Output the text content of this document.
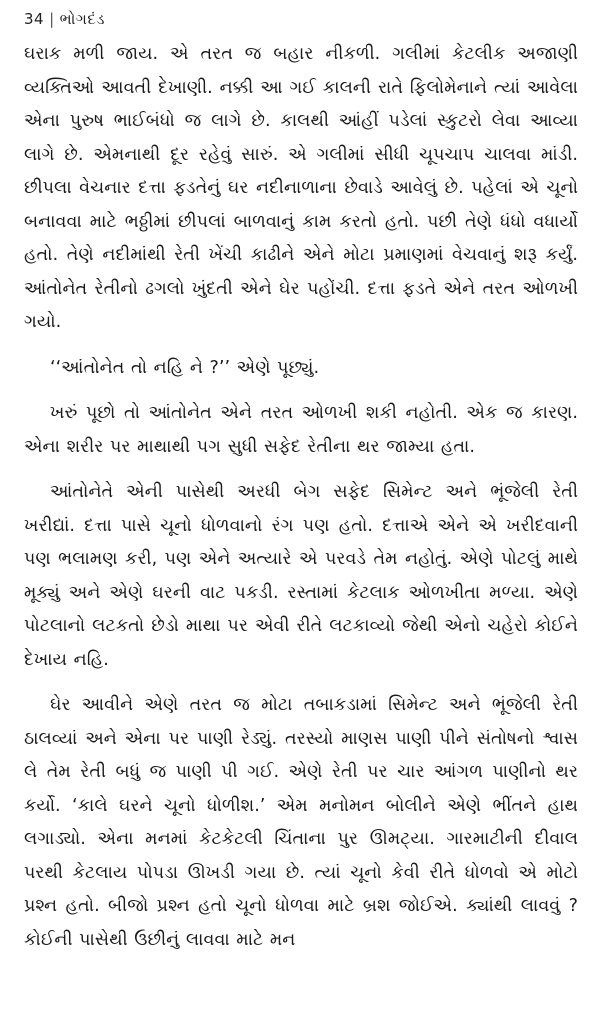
34 | ભોગદંડ

ઘરાક મળી જાય. એ તરત જ બહાર નીકળી. ગલીમાં કેટલીક અજાણી વ્યક્તિઓ આવતી દેખાણી. નક્કી આ ગઈ કાલની રાતે ફિલોમેનાને ત્યાં આવેલા એના પુરુષ ભાઈબંધો જ લાગે છે. કાલથી આંહીં પડેલાં સ્કુટરો લેવા આવ્યા લાગે છે. એમનાથી દૂર રહેવું સારું. એ ગલીમાં સીધી ચૂપચાપ ચાલવા માંડી. છીપલા વેચનાર દત્તા ફડતેનું ઘર નદીનાળાના છેવાડે આવેલું છે. પહેલાં એ ચૂનો બનાવવા માટે ભઠ્ઠીમાં છીપલાં બાળવાનું કામ કરતો હતો. પછી તેણે ધંધો વધાર્યો હતો. તેણે નદીમાંથી રેતી ખેંચી કાઢીને એને મોટા પ્રમાણમાં વેચવાનું શરૂ કર્યું. આંતોનેત રેતીનો ઢગલો ખુંદતી એને ઘેર પહોંચી. દત્તા ફડતે એને તરત ઓળખી ગયો.

‘‘આંતોનેત તો નહિ ને ?’’ એણે પૂછ્યું.

ખરું પૂછો તો આંતોનેત એને તરત ઓળખી શકી નહોતી. એક જ કારણ. એના શરીર પર માથાથી પગ સુધી સફેદ રેતીના થર જામ્યા હતા.

આંતોનેતે એની પાસેથી અરધી બેગ સફેદ સિમેન્ટ અને ભૂંજેલી રેતી ખરીદ્યાં. દત્તા પાસે ચૂનો ધોળવાનો રંગ પણ હતો. દત્તાએ એને એ ખરીદવાની પણ ભલામણ કરી, પણ એને અત્યારે એ પરવડે તેમ નહોતું. એણે પોટલું માથે મૂક્યું અને એણે ઘરની વાટ પકડી. રસ્તામાં કેટલાક ઓળખીતા મળ્યા. એણે પોટલાનો લટકતો છેડો માથા પર એવી રીતે લટકાવ્યો જેથી એનો ચહેરો કોઈને દેખાય નહિ.

ઘેર આવીને એણે તરત જ મોટા તબાકડામાં સિમેન્ટ અને ભૂંજેલી રેતી ઠાલવ્યાં અને એના પર પાણી રેડ્યું. તરસ્યો માણસ પાણી પીને સંતોષનો શ્વાસ લે તેમ રેતી બધું જ પાણી પી ગઈ. એણે રેતી પર ચાર આંગળ પાણીનો થર કર્યો. ‘કાલે ઘરને ચૂનો ધોળીશ.’ એમ મનોમન બોલીને એણે ભીંતને હાથ લગાડ્યો. એના મનમાં કેટકેટલી ચિંતાના પુર ઊમટ્યા. ગારમાટીની દીવાલ પરથી કેટલાય પોપડા ઊખડી ગયા છે. ત્યાં ચૂનો કેવી રીતે ધોળવો એ મોટો પ્રશ્ન હતો. બીજો પ્રશ્ન હતો ચૂનો ધોળવા માટે બ્રશ જોઈએ. ક્યાંથી લાવવું ? કોઈની પાસેથી ઉછીનું લાવવા માટે મન
